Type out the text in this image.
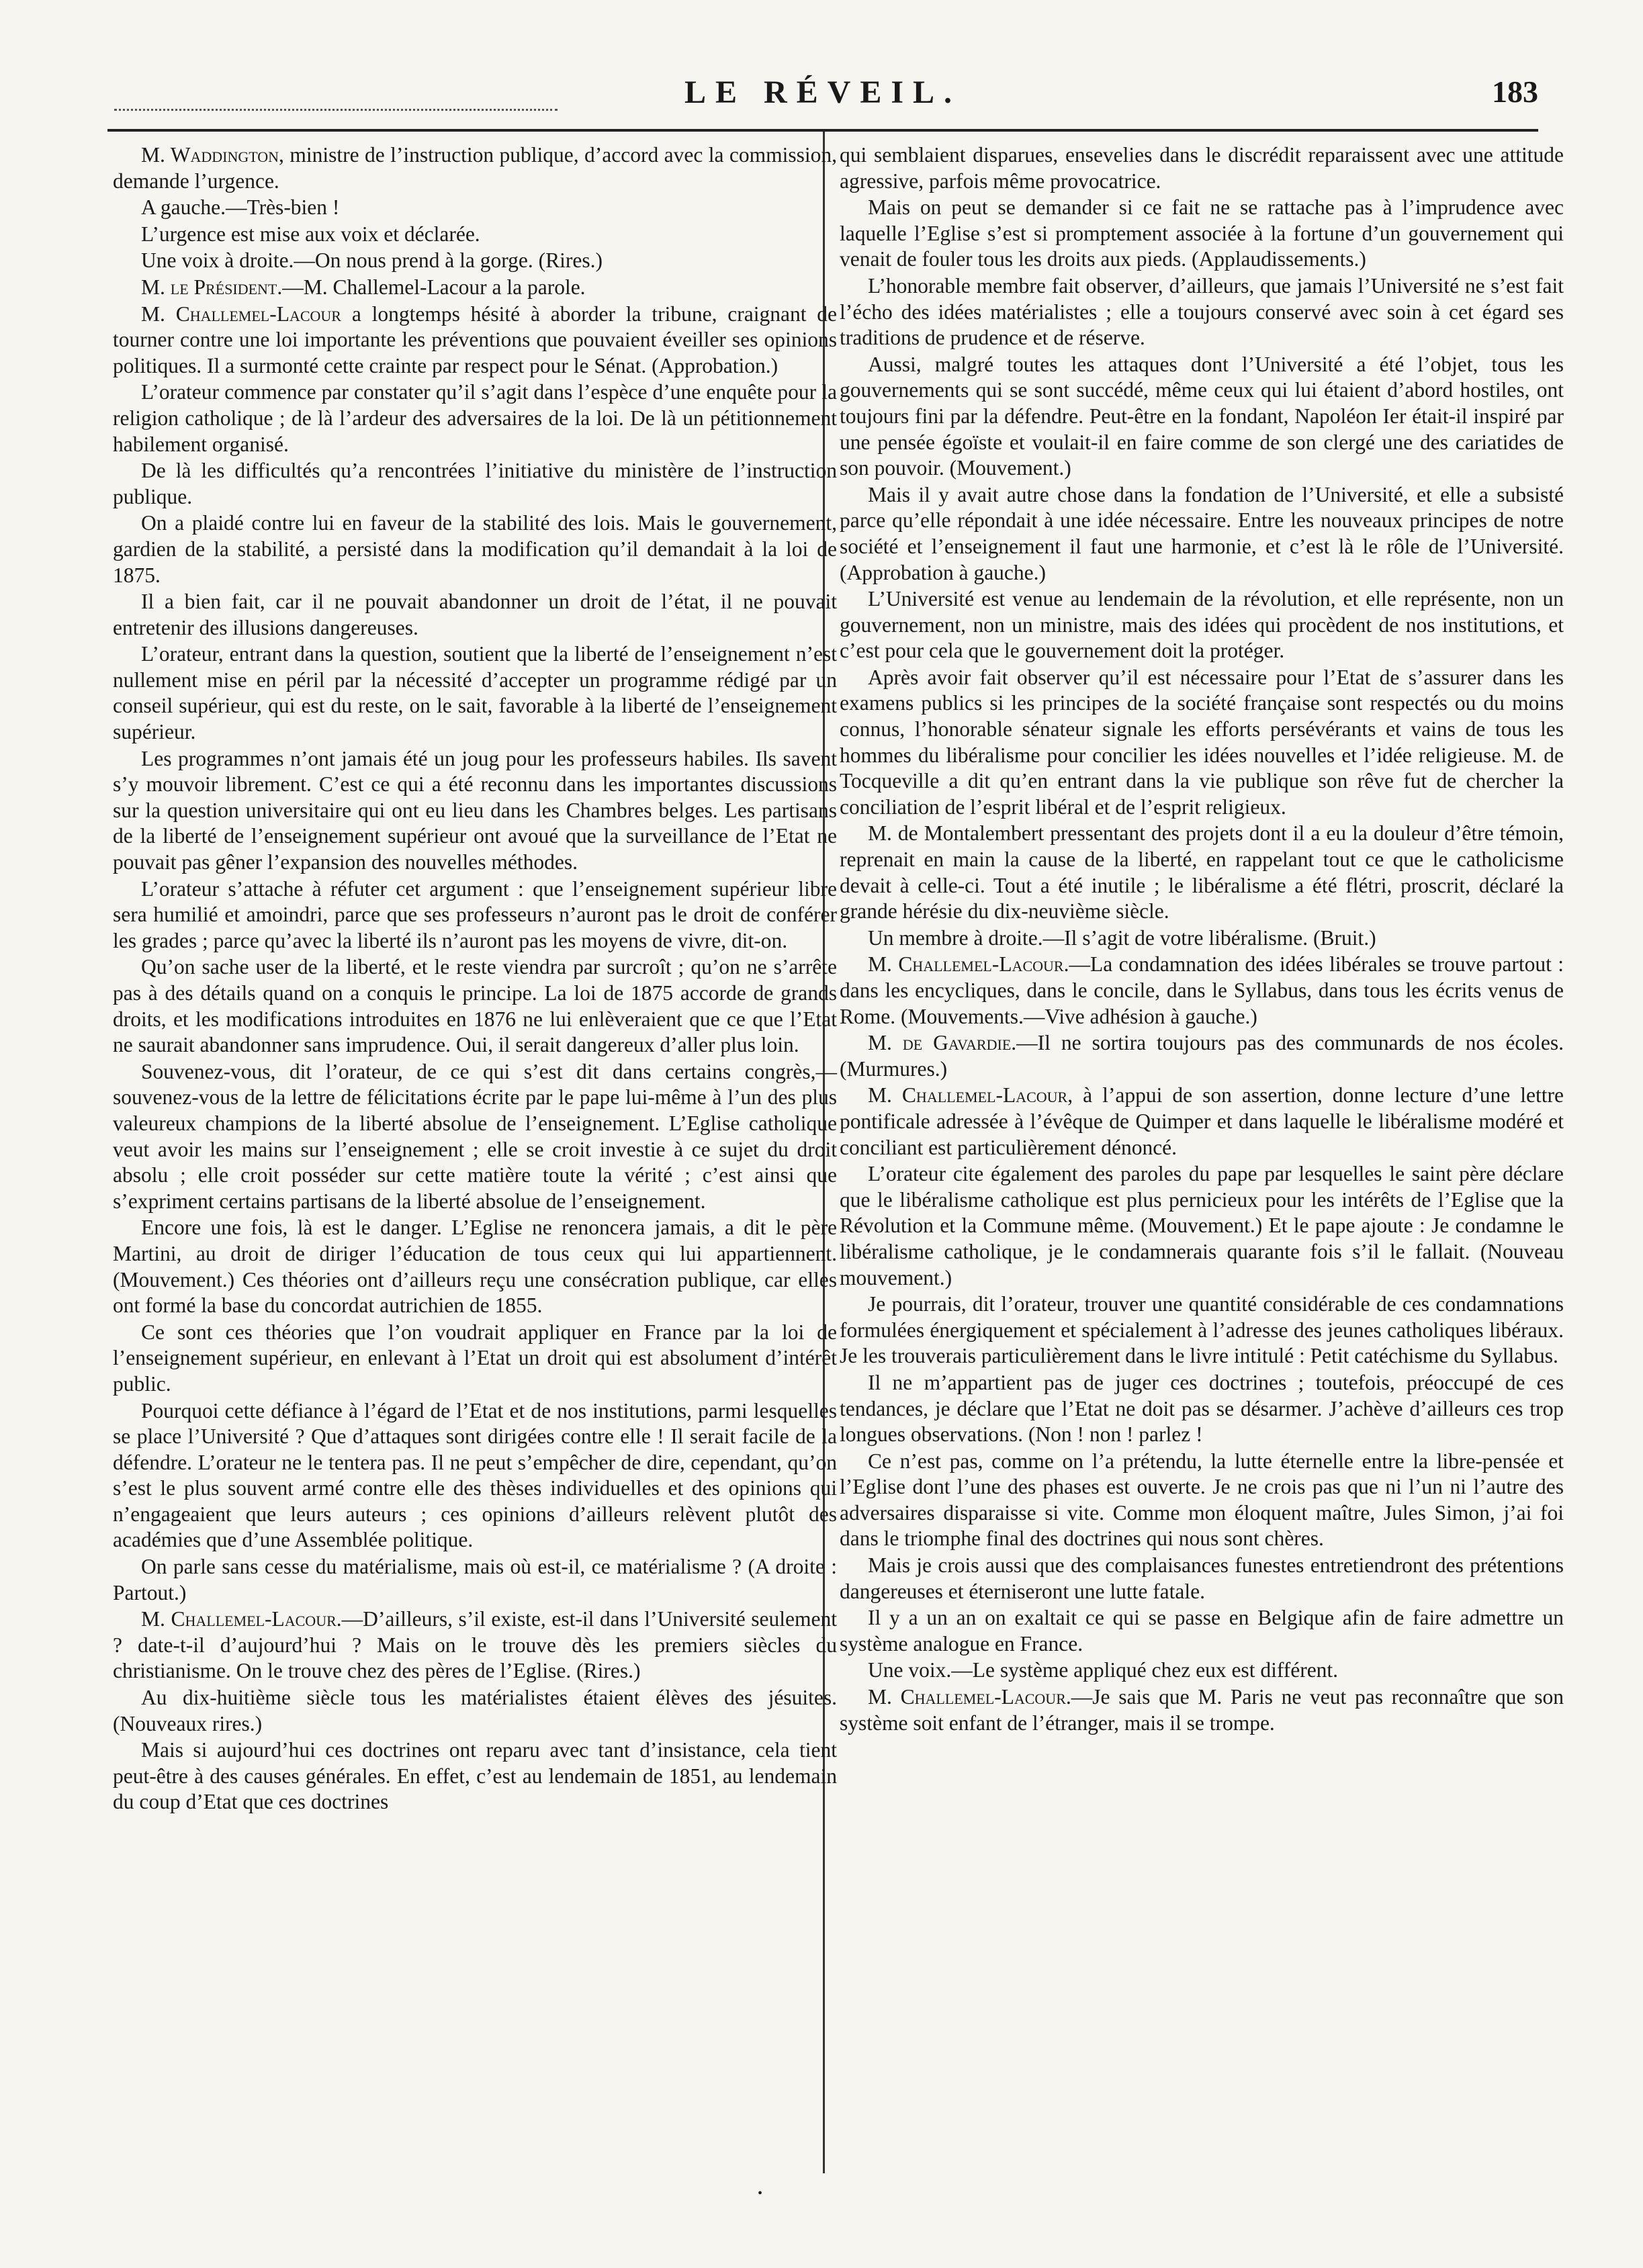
LE RÉVEIL.	183

M. Waddington, ministre de l’instruction publique, d’accord avec la commission, demande l’urgence.

A gauche.—Très-bien !

L’urgence est mise aux voix et déclarée.

Une voix à droite.—On nous prend à la gorge. (Rires.)

M. le Président.—M. Challemel-Lacour a la parole.

M. Challemel-Lacour a longtemps hésité à aborder la tribune, craignant de tourner contre une loi importante les préventions que pouvaient éveiller ses opinions politiques. Il a surmonté cette crainte par respect pour le Sénat. (Approbation.)

L’orateur commence par constater qu’il s’agit dans l’espèce d’une enquête pour la religion catholique ; de là l’ardeur des adversaires de la loi. De là un pétitionnement habilement organisé.

De là les difficultés qu’a rencontrées l’initiative du ministère de l’instruction publique.

On a plaidé contre lui en faveur de la stabilité des lois. Mais le gouvernement, gardien de la stabilité, a persisté dans la modification qu’il demandait à la loi de 1875.

Il a bien fait, car il ne pouvait abandonner un droit de l’état, il ne pouvait entretenir des illusions dangereuses.

L’orateur, entrant dans la question, soutient que la liberté de l’enseignement n’est nullement mise en péril par la nécessité d’accepter un programme rédigé par un conseil supérieur, qui est du reste, on le sait, favorable à la liberté de l’enseignement supérieur.

Les programmes n’ont jamais été un joug pour les professeurs habiles. Ils savent s’y mouvoir librement. C’est ce qui a été reconnu dans les importantes discussions sur la question universitaire qui ont eu lieu dans les Chambres belges. Les partisans de la liberté de l’enseignement supérieur ont avoué que la surveillance de l’Etat ne pouvait pas gêner l’expansion des nouvelles méthodes.

L’orateur s’attache à réfuter cet argument : que l’enseignement supérieur libre sera humilié et amoindri, parce que ses professeurs n’auront pas le droit de conférer les grades ; parce qu’avec la liberté ils n’auront pas les moyens de vivre, dit-on.

Qu’on sache user de la liberté, et le reste viendra par surcroît ; qu’on ne s’arrête pas à des détails quand on a conquis le principe. La loi de 1875 accorde de grands droits, et les modifications introduites en 1876 ne lui enlèveraient que ce que l’Etat ne saurait abandonner sans imprudence. Oui, il serait dangereux d’aller plus loin.

Souvenez-vous, dit l’orateur, de ce qui s’est dit dans certains congrès,—souvenez-vous de la lettre de félicitations écrite par le pape lui-même à l’un des plus valeureux champions de la liberté absolue de l’enseignement. L’Eglise catholique veut avoir les mains sur l’enseignement ; elle se croit investie à ce sujet du droit absolu ; elle croit posséder sur cette matière toute la vérité ; c’est ainsi que s’expriment certains partisans de la liberté absolue de l’enseignement.

Encore une fois, là est le danger. L’Eglise ne renoncera jamais, a dit le père Martini, au droit de diriger l’éducation de tous ceux qui lui appartiennent. (Mouvement.) Ces théories ont d’ailleurs reçu une consécration publique, car elles ont formé la base du concordat autrichien de 1855.

Ce sont ces théories que l’on voudrait appliquer en France par la loi de l’enseignement supérieur, en enlevant à l’Etat un droit qui est absolument d’intérêt public.

Pourquoi cette défiance à l’égard de l’Etat et de nos institutions, parmi lesquelles se place l’Université ? Que d’attaques sont dirigées contre elle ! Il serait facile de la défendre. L’orateur ne le tentera pas. Il ne peut s’empêcher de dire, cependant, qu’on s’est le plus souvent armé contre elle des thèses individuelles et des opinions qui n’engageaient que leurs auteurs ; ces opinions d’ailleurs relèvent plutôt des académies que d’une Assemblée politique.

On parle sans cesse du matérialisme, mais où est-il, ce matérialisme ? (A droite : Partout.)

M. Challemel-Lacour.—D’ailleurs, s’il existe, est-il dans l’Université seulement ? date-t-il d’aujourd’hui ? Mais on le trouve dès les premiers siècles du christianisme. On le trouve chez des pères de l’Eglise. (Rires.)

Au dix-huitième siècle tous les matérialistes étaient élèves des jésuites. (Nouveaux rires.)

Mais si aujourd’hui ces doctrines ont reparu avec tant d’insistance, cela tient peut-être à des causes générales. En effet, c’est au lendemain de 1851, au lendemain du coup d’Etat que ces doctrines

qui semblaient disparues, ensevelies dans le discrédit reparaissent avec une attitude agressive, parfois même provocatrice.

Mais on peut se demander si ce fait ne se rattache pas à l’imprudence avec laquelle l’Eglise s’est si promptement associée à la fortune d’un gouvernement qui venait de fouler tous les droits aux pieds. (Applaudissements.)

L’honorable membre fait observer, d’ailleurs, que jamais l’Université ne s’est fait l’écho des idées matérialistes ; elle a toujours conservé avec soin à cet égard ses traditions de prudence et de réserve.

Aussi, malgré toutes les attaques dont l’Université a été l’objet, tous les gouvernements qui se sont succédé, même ceux qui lui étaient d’abord hostiles, ont toujours fini par la défendre. Peut-être en la fondant, Napoléon Ier était-il inspiré par une pensée égoïste et voulait-il en faire comme de son clergé une des cariatides de son pouvoir. (Mouvement.)

Mais il y avait autre chose dans la fondation de l’Université, et elle a subsisté parce qu’elle répondait à une idée nécessaire. Entre les nouveaux principes de notre société et l’enseignement il faut une harmonie, et c’est là le rôle de l’Université. (Approbation à gauche.)

L’Université est venue au lendemain de la révolution, et elle représente, non un gouvernement, non un ministre, mais des idées qui procèdent de nos institutions, et c’est pour cela que le gouvernement doit la protéger.

Après avoir fait observer qu’il est nécessaire pour l’Etat de s’assurer dans les examens publics si les principes de la société française sont respectés ou du moins connus, l’honorable sénateur signale les efforts persévérants et vains de tous les hommes du libéralisme pour concilier les idées nouvelles et l’idée religieuse. M. de Tocqueville a dit qu’en entrant dans la vie publique son rêve fut de chercher la conciliation de l’esprit libéral et de l’esprit religieux.

M. de Montalembert pressentant des projets dont il a eu la douleur d’être témoin, reprenait en main la cause de la liberté, en rappelant tout ce que le catholicisme devait à celle-ci. Tout a été inutile ; le libéralisme a été flétri, proscrit, déclaré la grande hérésie du dix-neuvième siècle.

Un membre à droite.—Il s’agit de votre libéralisme. (Bruit.)

M. Challemel-Lacour.—La condamnation des idées libérales se trouve partout : dans les encycliques, dans le concile, dans le Syllabus, dans tous les écrits venus de Rome. (Mouvements.—Vive adhésion à gauche.)

M. de Gavardie.—Il ne sortira toujours pas des communards de nos écoles. (Murmures.)

M. Challemel-Lacour, à l’appui de son assertion, donne lecture d’une lettre pontificale adressée à l’évêque de Quimper et dans laquelle le libéralisme modéré et conciliant est particulièrement dénoncé.

L’orateur cite également des paroles du pape par lesquelles le saint père déclare que le libéralisme catholique est plus pernicieux pour les intérêts de l’Eglise que la Révolution et la Commune même. (Mouvement.) Et le pape ajoute : Je condamne le libéralisme catholique, je le condamnerais quarante fois s’il le fallait. (Nouveau mouvement.)

Je pourrais, dit l’orateur, trouver une quantité considérable de ces condamnations formulées énergiquement et spécialement à l’adresse des jeunes catholiques libéraux. Je les trouverais particulièrement dans le livre intitulé : Petit catéchisme du Syllabus.

Il ne m’appartient pas de juger ces doctrines ; toutefois, préoccupé de ces tendances, je déclare que l’Etat ne doit pas se désarmer. J’achève d’ailleurs ces trop longues observations. (Non ! non ! parlez !

Ce n’est pas, comme on l’a prétendu, la lutte éternelle entre la libre-pensée et l’Eglise dont l’une des phases est ouverte. Je ne crois pas que ni l’un ni l’autre des adversaires disparaisse si vite. Comme mon éloquent maître, Jules Simon, j’ai foi dans le triomphe final des doctrines qui nous sont chères.

Mais je crois aussi que des complaisances funestes entretiendront des prétentions dangereuses et éterniseront une lutte fatale.

Il y a un an on exaltait ce qui se passe en Belgique afin de faire admettre un système analogue en France.

Une voix.—Le système appliqué chez eux est différent.

M. Challemel-Lacour.—Je sais que M. Paris ne veut pas reconnaître que son système soit enfant de l’étranger, mais il se trompe.

•
